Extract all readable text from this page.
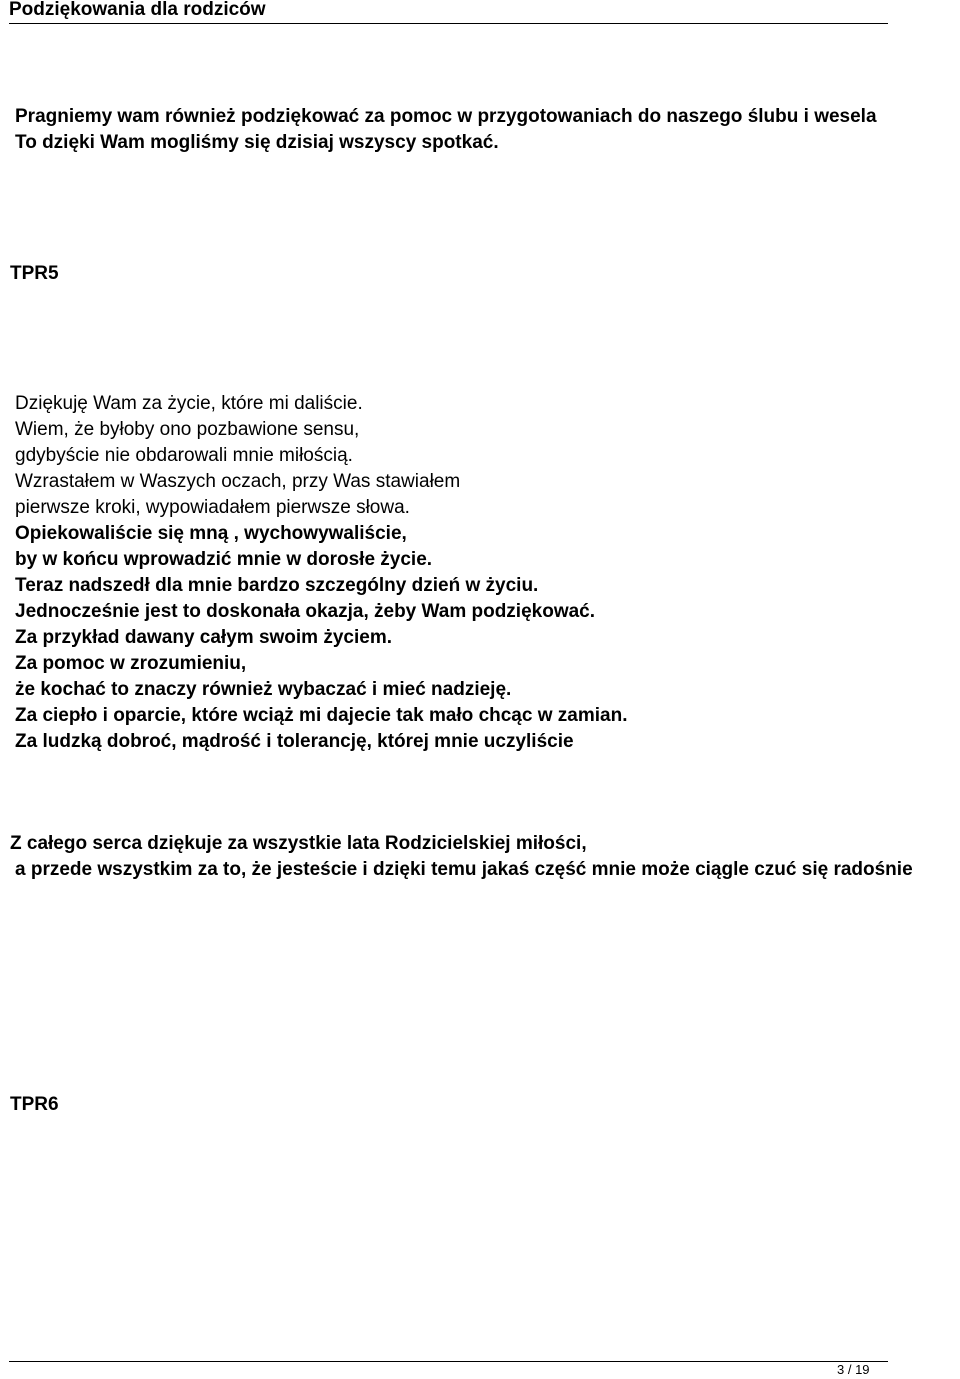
Podziękowania dla rodziców
Pragniemy wam również podziękować za pomoc w przygotowaniach do naszego ślubu i wesela
To dzięki Wam mogliśmy się dzisiaj wszyscy spotkać.
TPR5
Dziękuję Wam za życie, które mi daliście.
Wiem, że byłoby ono pozbawione sensu,
gdybyście nie obdarowali mnie miłością.
Wzrastałem w Waszych oczach, przy Was stawiałem
pierwsze kroki, wypowiadałem pierwsze słowa.
Opiekowaliście się mną , wychowywaliście,
by w końcu wprowadzić mnie w dorosłe życie.
Teraz nadszedł dla mnie bardzo szczególny dzień w życiu.
Jednocześnie jest to doskonała okazja, żeby Wam podziękować.
Za przykład dawany całym swoim życiem.
Za pomoc w zrozumieniu,
że kochać to znaczy również wybaczać i mieć nadzieję.
Za ciepło i oparcie, które wciąż mi dajecie tak mało chcąc w zamian.
Za ludzką dobroć, mądrość i tolerancję, której mnie uczyliście
Z całego serca dziękuje za wszystkie lata Rodzicielskiej miłości,
a przede wszystkim za to, że jesteście i dzięki temu jakaś część mnie może ciągle czuć się radośnie
TPR6
3 / 19
